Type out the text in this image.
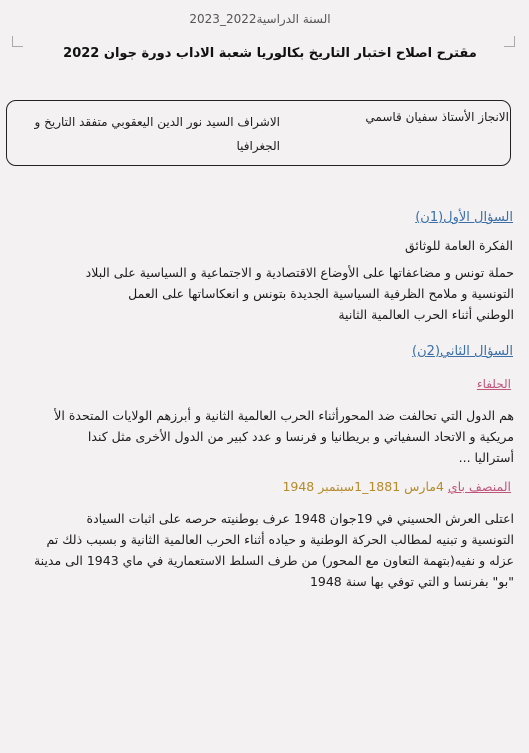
2023_2022السنة الدراسية
مقترح اصلاح اختبار التاريخ بكالوريا شعبة الاداب دورة جوان 2022
الانجاز الأستاذ سفيان قاسمي
الاشراف السيد نور الدين اليعقوبي متفقد التاريخ و
الجغرافيا
السؤال الأول(1ن)
الفكرة العامة للوثائق
حملة تونس و مضاعفاتها على الأوضاع الاقتصادية و الاجتماعية و السياسية على البلاد
التونسية و ملامح الظرفية السياسية الجديدة بتونس و انعكاساتها على العمل
الوطني أثناء الحرب العالمية الثانية
السؤال الثاني(2ن)
الحلفاء
هم الدول التي تحالفت ضد المحورأثناء الحرب العالمية الثانية و أبرزهم الولايات المتحدة الأ
مريكية و الاتحاد السفياتي و بريطانيا و فرنسا و عدد كبير من الدول الأخرى مثل كندا
أستراليا ...
المنصف باي 4مارس 1881_1سبتمبر 1948
اعتلى العرش الحسيني في 19جوان 1948 عرف بوطنيته حرصه على اثبات السيادة
التونسية و تبنيه لمطالب الحركة الوطنية و حياده أثناء الحرب العالمية الثانية و بسبب ذلك تم
عزله و نفيه(بتهمة التعاون مع المحور) من طرف السلط الاستعمارية في ماي 1943 الى مدينة
"بو" بفرنسا و التي توفي بها سنة 1948
